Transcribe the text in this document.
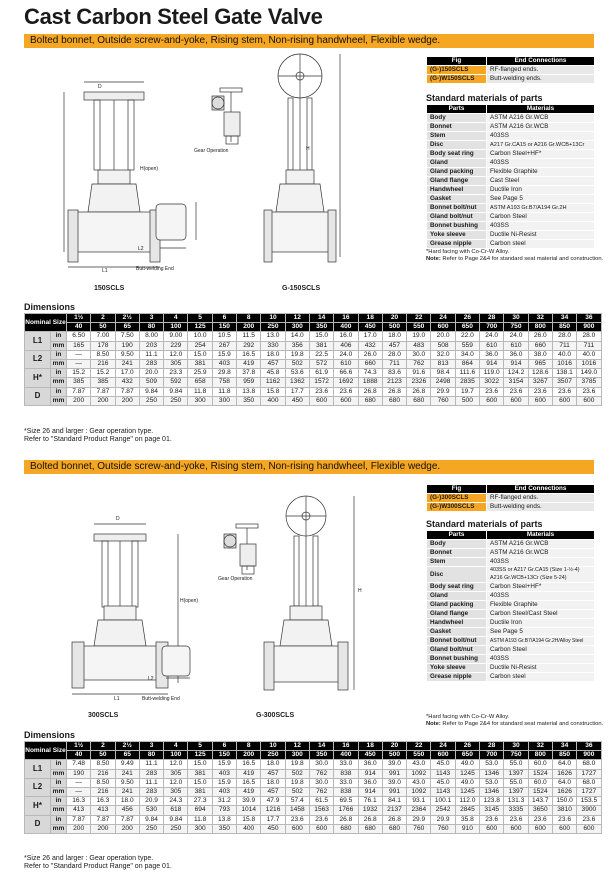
Cast Carbon Steel Gate Valve
Bolted bonnet, Outside screw-and-yoke, Rising stem, Non-rising handwheel, Flexible wedge.
D
H(open)
L1
L2
H
Gear Operation
Butt-welding End
150SCLS	G-150SCLS
Fig	End Connections
(G-)150SCLS	RF-flanged ends.
(G-)W150SCLS	Butt-welding ends.
Standard materials of parts
Parts	Materials
Body	ASTM A216 Gr.WCB
Bonnet	ASTM A216 Gr.WCB
Stem	403SS
Disc	A217 Gr.CA15 or A216 Gr.WCB+13Cr
Body seat ring	Carbon Steel+HF*
Gland	403SS
Gland packing	Flexible Graphite
Gland flange	Cast Steel
Handwheel	Ductile Iron
Gasket	See Page 5
Bonnet bolt/nut	ASTM A193 Gr.B7/A194 Gr.2H
Gland bolt/nut	Carbon Steel
Bonnet bushing	403SS
Yoke sleeve	Ductile Ni-Resist
Grease nipple	Carbon steel
*Hard facing with Co-Cr-W Alloy.
Note: Refer to Page 2&4 for standard seat material and construction.
Dimensions
Nominal Size		1½	2	2½	3	4	5	6	8	10	12	14	16	18	20	22	24	26	28	30	32	34	36
		40	50	65	80	100	125	150	200	250	300	350	400	450	500	550	600	650	700	750	800	850	900
L1	in	6.50	7.00	7.50	8.00	9.00	10.0	10.5	11.5	13.0	14.0	15.0	16.0	17.0	18.0	19.0	20.0	22.0	24.0	24.0	26.0	28.0	28.0
	mm	165	178	190	203	229	254	267	292	330	356	381	406	432	457	483	508	559	610	610	660	711	711
L2	in	—	8.50	9.50	11.1	12.0	15.0	15.9	16.5	18.0	19.8	22.5	24.0	26.0	28.0	30.0	32.0	34.0	36.0	36.0	38.0	40.0	40.0
	mm	—	216	241	283	305	381	403	419	457	502	572	610	660	711	762	813	864	914	914	965	1016	1016
H*	in	15.2	15.2	17.0	20.0	23.3	25.9	29.8	37.8	45.8	53.6	61.9	66.6	74.3	83.6	91.6	98.4	111.6	119.0	124.2	128.6	138.1	149.0
	mm	385	385	432	509	592	658	758	959	1162	1362	1572	1692	1888	2123	2326	2498	2835	3022	3154	3267	3507	3785
D	in	7.87	7.87	7.87	9.84	9.84	11.8	11.8	13.8	15.8	17.7	23.6	23.6	26.8	26.8	26.8	29.9	19.7	23.6	23.6	23.6	23.6	23.6
	mm	200	200	200	250	250	300	300	350	400	450	600	600	680	680	680	760	500	600	600	600	600	600
*Size 26 and larger : Gear operation type.
Refer to "Standard Product Range" on page 01.
Bolted bonnet, Outside screw-and-yoke, Rising stem, Non-rising handwheel, Flexible wedge.
D
H(open)
L1
L2
H
Gear Operation
Butt-welding End
300SCLS	G-300SCLS
Fig	End Connections
(G-)300SCLS	RF-flanged ends.
(G-)W300SCLS	Butt-welding ends.
Standard materials of parts
Parts	Materials
Body	ASTM A216 Gr.WCB
Bonnet	ASTM A216 Gr.WCB
Stem	403SS
Disc	403SS or A217 Gr.CA15 (Size 1-½-4) A216 Gr.WCB+13Cr (Size 5-24)
Body seat ring	Carbon Steel+HF*
Gland	403SS
Gland packing	Flexible Graphite
Gland flange	Carbon Steel/Cast Steel
Handwheel	Ductile Iron
Gasket	See Page 5
Bonnet bolt/nut	ASTM A193 Gr.B7/A194 Gr.2H/Alloy Steel
Gland bolt/nut	Carbon Steel
Bonnet bushing	403SS
Yoke sleeve	Ductile Ni-Resist
Grease nipple	Carbon steel
*Hard facing with Co-Cr-W Alloy.
Note: Refer to Page 2&4 for standard seat material and construction.
Dimensions
Nominal Size		1½	2	2½	3	4	5	6	8	10	12	14	16	18	20	22	24	26	28	30	32	34	36
		40	50	65	80	100	125	150	200	250	300	350	400	450	500	550	600	650	700	750	800	850	900
L1	in	7.48	8.50	9.49	11.1	12.0	15.0	15.9	16.5	18.0	19.8	30.0	33.0	36.0	39.0	43.0	45.0	49.0	53.0	55.0	60.0	64.0	68.0
	mm	190	216	241	283	305	381	403	419	457	502	762	838	914	991	1092	1143	1245	1346	1397	1524	1626	1727
L2	in	—	8.50	9.50	11.1	12.0	15.0	15.9	16.5	18.0	19.8	30.0	33.0	36.0	39.0	43.0	45.0	49.0	53.0	55.0	60.0	64.0	68.0
	mm	—	216	241	283	305	381	403	419	457	502	762	838	914	991	1092	1143	1245	1346	1397	1524	1626	1727
H*	in	16.3	16.3	18.0	20.9	24.3	27.3	31.2	39.9	47.9	57.4	61.5	69.5	76.1	84.1	93.1	100.1	112.0	123.8	131.3	143.7	150.0	153.5
	mm	413	413	456	530	618	694	793	1014	1216	1458	1563	1766	1932	2137	2364	2542	2845	3145	3335	3650	3810	3900
D	in	7.87	7.87	7.87	9.84	9.84	11.8	13.8	15.8	17.7	23.6	23.6	26.8	26.8	26.8	29.9	29.9	35.8	23.6	23.6	23.6	23.6	23.6
	mm	200	200	200	250	250	300	350	400	450	600	600	680	680	680	760	760	910	600	600	600	600	600
*Size 26 and larger : Gear operation type.
Refer to "Standard Product Range" on page 01.
